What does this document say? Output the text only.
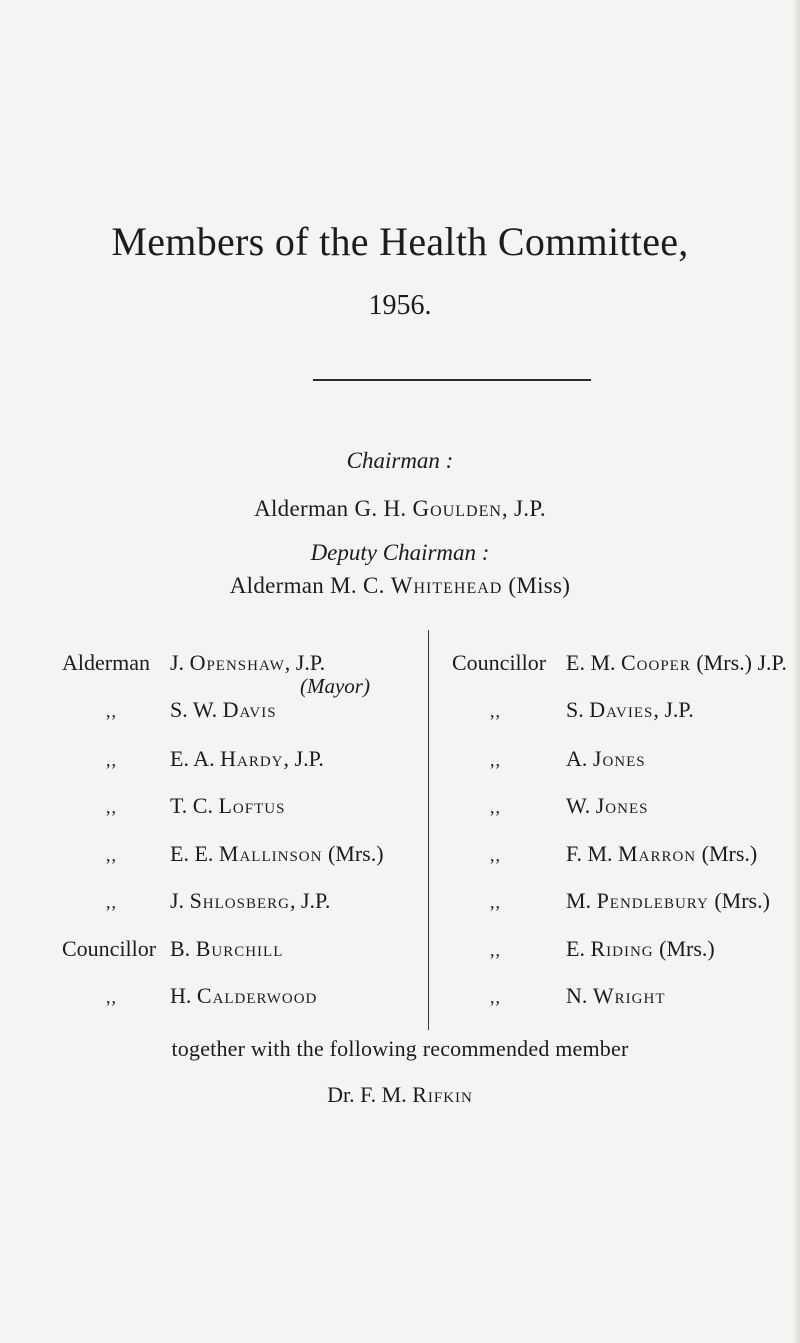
Members of the Health Committee,
1956.
Chairman :
Alderman G. H. Goulden, J.P.
Deputy Chairman :
Alderman M. C. Whitehead (Miss)
Alderman
(Mayor)
Councillor
J. Openshaw, J.P.
S. W. Davis
,,
E. A. Hardy, J.P.
,,
T. C. Loftus
,,
E. E. Mallinson (Mrs.)
,,
J. Shlosberg, J.P.
,,
B. Burchill
Councillor
H. Calderwood
,,
E. M. Cooper (Mrs.) J.P.
S. Davies, J.P.
,,
A. Jones
,,
W. Jones
,,
F. M. Marron (Mrs.)
,,
M. Pendlebury (Mrs.)
,,
E. Riding (Mrs.)
,,
N. Wright
,,
together with the following recommended member
Dr. F. M. Rifkin
